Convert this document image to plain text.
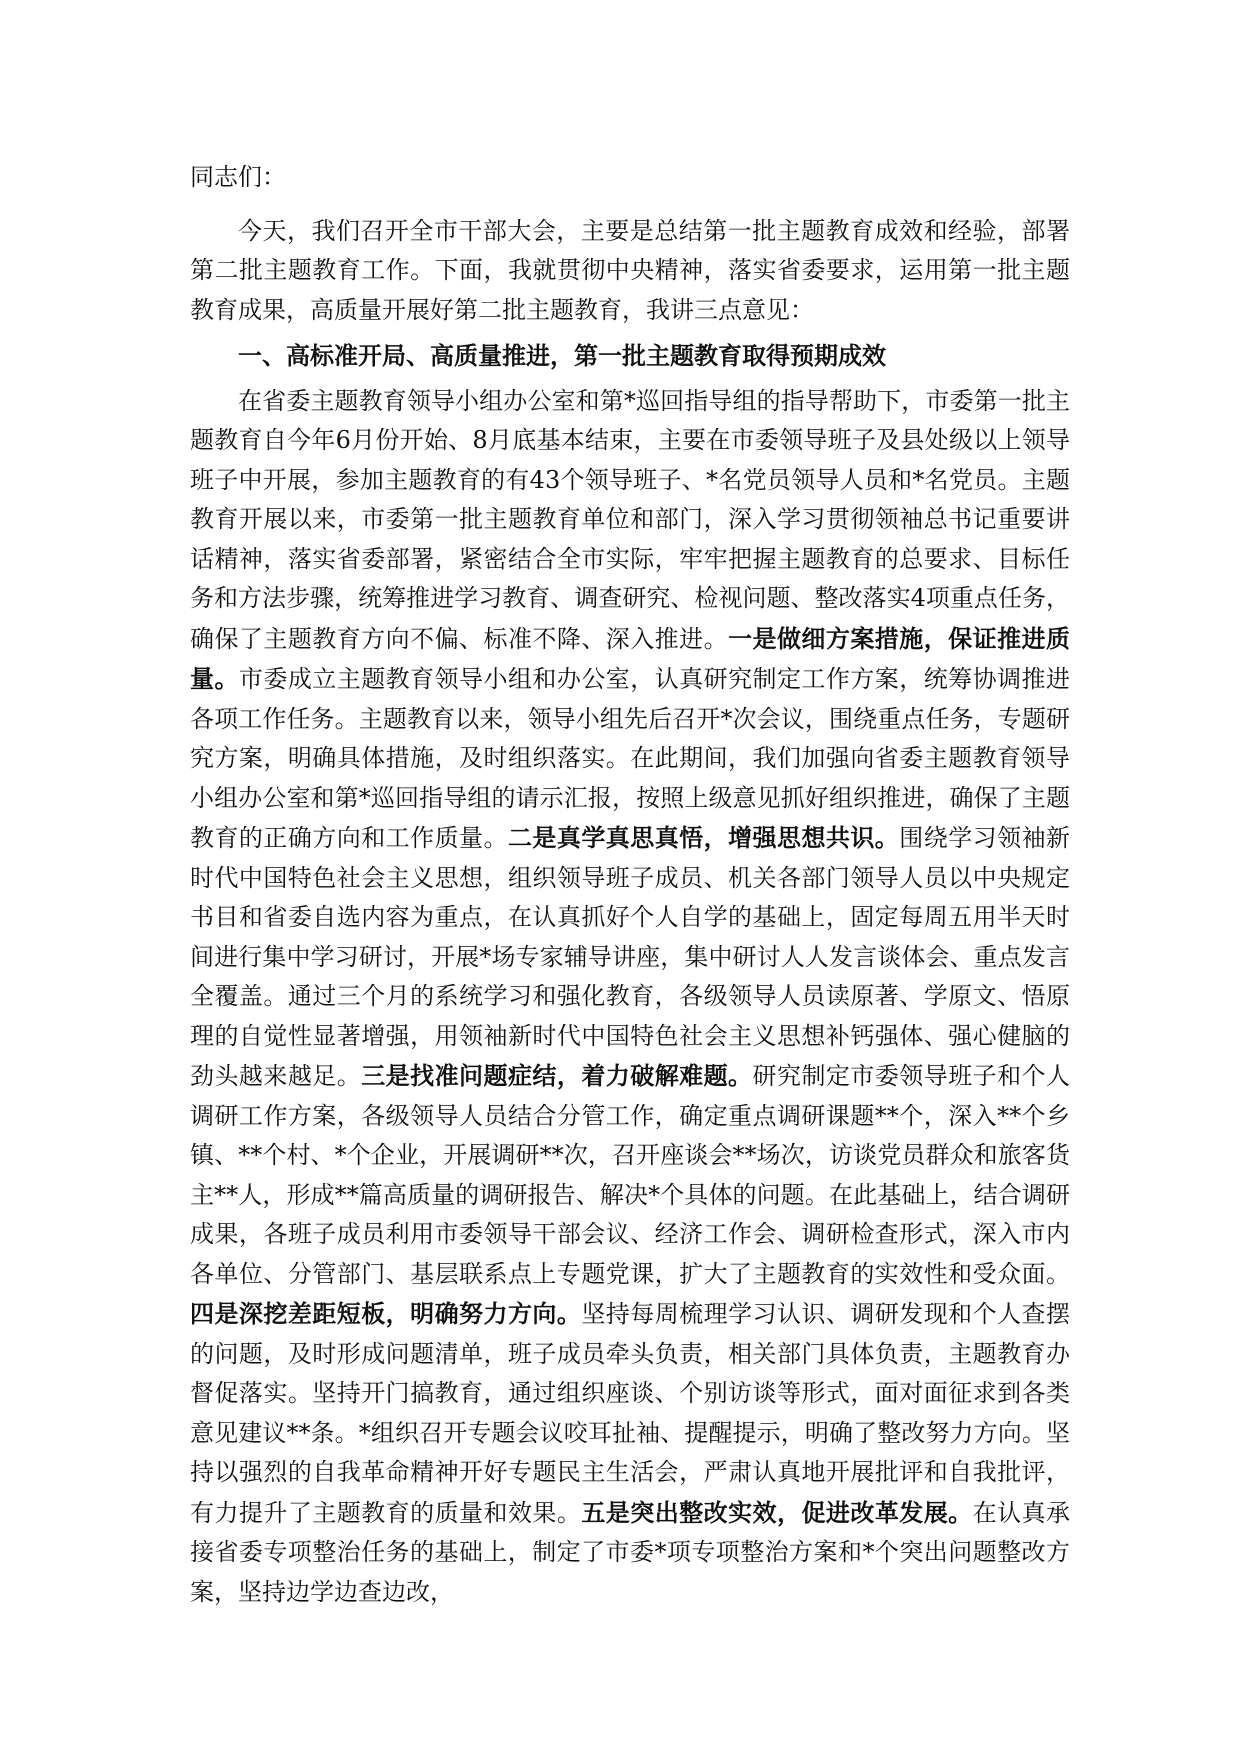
同志们：

今天，我们召开全市干部大会，主要是总结第一批主题教育成效和经验，部署第二批主题教育工作。下面，我就贯彻中央精神，落实省委要求，运用第一批主题教育成果，高质量开展好第二批主题教育，我讲三点意见：

一、高标准开局、高质量推进，第一批主题教育取得预期成效

在省委主题教育领导小组办公室和第*巡回指导组的指导帮助下，市委第一批主题教育自今年6月份开始、8月底基本结束，主要在市委领导班子及县处级以上领导班子中开展，参加主题教育的有43个领导班子、*名党员领导人员和*名党员。主题教育开展以来，市委第一批主题教育单位和部门，深入学习贯彻领袖总书记重要讲话精神，落实省委部署，紧密结合全市实际，牢牢把握主题教育的总要求、目标任务和方法步骤，统筹推进学习教育、调查研究、检视问题、整改落实4项重点任务，确保了主题教育方向不偏、标准不降、深入推进。一是做细方案措施，保证推进质量。市委成立主题教育领导小组和办公室，认真研究制定工作方案，统筹协调推进各项工作任务。主题教育以来，领导小组先后召开*次会议，围绕重点任务，专题研究方案，明确具体措施，及时组织落实。在此期间，我们加强向省委主题教育领导小组办公室和第*巡回指导组的请示汇报，按照上级意见抓好组织推进，确保了主题教育的正确方向和工作质量。二是真学真思真悟，增强思想共识。围绕学习领袖新时代中国特色社会主义思想，组织领导班子成员、机关各部门领导人员以中央规定书目和省委自选内容为重点，在认真抓好个人自学的基础上，固定每周五用半天时间进行集中学习研讨，开展*场专家辅导讲座，集中研讨人人发言谈体会、重点发言全覆盖。通过三个月的系统学习和强化教育，各级领导人员读原著、学原文、悟原理的自觉性显著增强，用领袖新时代中国特色社会主义思想补钙强体、强心健脑的劲头越来越足。三是找准问题症结，着力破解难题。研究制定市委领导班子和个人调研工作方案，各级领导人员结合分管工作，确定重点调研课题**个，深入**个乡镇、**个村、*个企业，开展调研**次，召开座谈会**场次，访谈党员群众和旅客货主**人，形成**篇高质量的调研报告、解决*个具体的问题。在此基础上，结合调研成果，各班子成员利用市委领导干部会议、经济工作会、调研检查形式，深入市内各单位、分管部门、基层联系点上专题党课，扩大了主题教育的实效性和受众面。四是深挖差距短板，明确努力方向。坚持每周梳理学习认识、调研发现和个人查摆的问题，及时形成问题清单，班子成员牵头负责，相关部门具体负责，主题教育办督促落实。坚持开门搞教育，通过组织座谈、个别访谈等形式，面对面征求到各类意见建议**条。*组织召开专题会议咬耳扯袖、提醒提示，明确了整改努力方向。坚持以强烈的自我革命精神开好专题民主生活会，严肃认真地开展批评和自我批评，有力提升了主题教育的质量和效果。五是突出整改实效，促进改革发展。在认真承接省委专项整治任务的基础上，制定了市委*项专项整治方案和*个突出问题整改方案，坚持边学边查边改，
